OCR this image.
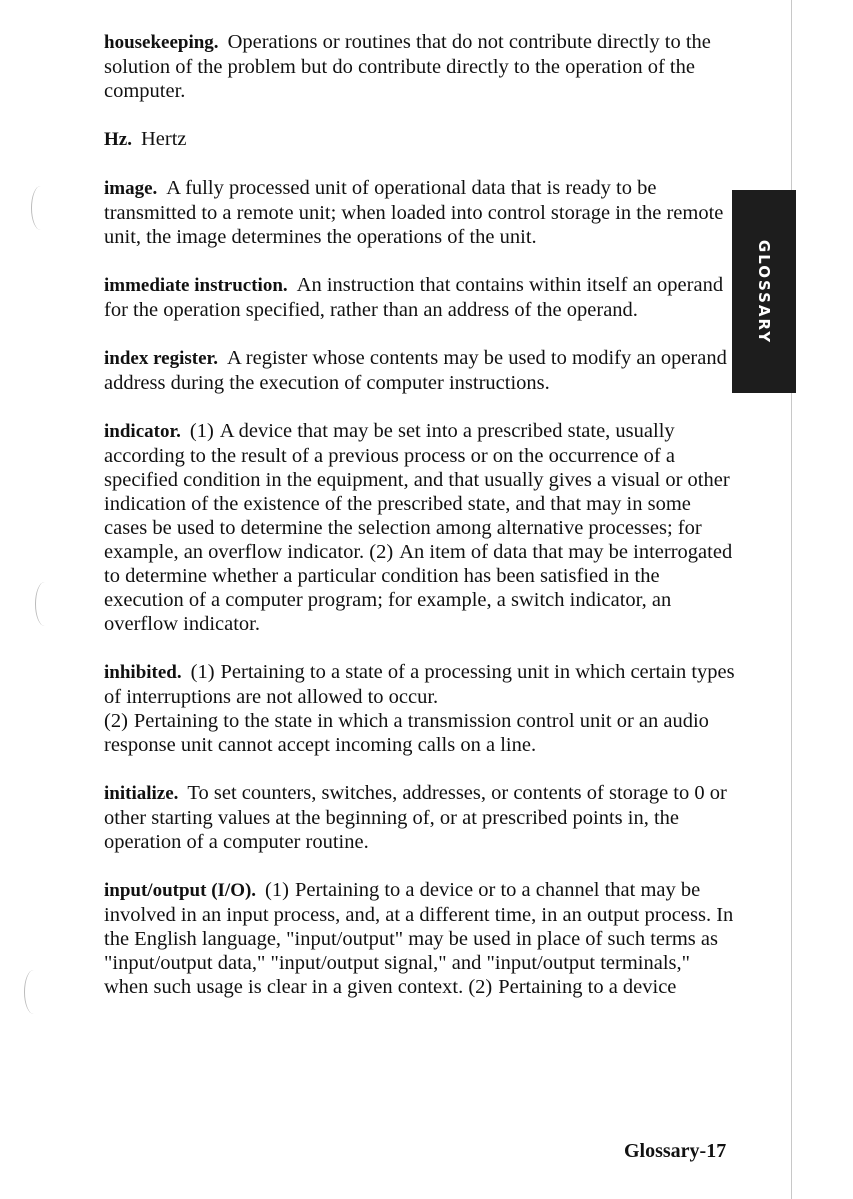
GLOSSARY

housekeeping. Operations or routines that do not contribute directly to the solution of the problem but do contribute directly to the operation of the computer.

Hz. Hertz

image. A fully processed unit of operational data that is ready to be transmitted to a remote unit; when loaded into control storage in the remote unit, the image determines the operations of the unit.

immediate instruction. An instruction that contains within itself an operand for the operation specified, rather than an address of the operand.

index register. A register whose contents may be used to modify an operand address during the execution of computer instructions.

indicator. (1) A device that may be set into a prescribed state, usually according to the result of a previous process or on the occurrence of a specified condition in the equipment, and that usually gives a visual or other indication of the existence of the prescribed state, and that may in some cases be used to determine the selection among alternative processes; for example, an overflow indicator. (2) An item of data that may be interrogated to determine whether a particular condition has been satisfied in the execution of a computer program; for example, a switch indicator, an overflow indicator.

inhibited. (1) Pertaining to a state of a processing unit in which certain types of interruptions are not allowed to occur.
(2) Pertaining to the state in which a transmission control unit or an audio response unit cannot accept incoming calls on a line.

initialize. To set counters, switches, addresses, or contents of storage to 0 or other starting values at the beginning of, or at prescribed points in, the operation of a computer routine.

input/output (I/O). (1) Pertaining to a device or to a channel that may be involved in an input process, and, at a different time, in an output process. In the English language, "input/output" may be used in place of such terms as "input/output data," "input/output signal," and "input/output terminals," when such usage is clear in a given context. (2) Pertaining to a device

Glossary-17
